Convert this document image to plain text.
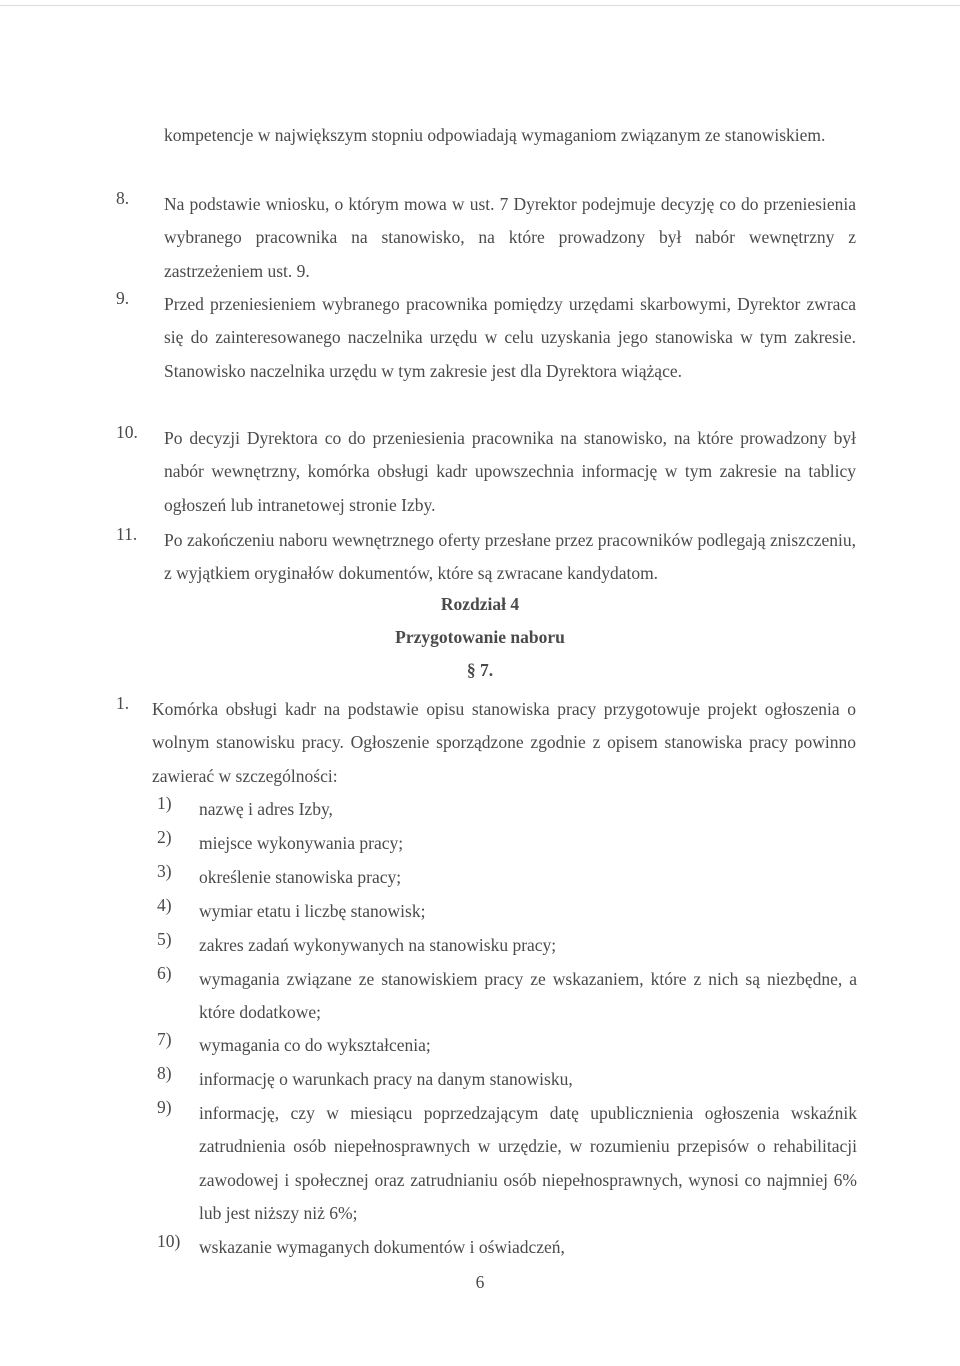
kompetencje w największym stopniu odpowiadają wymaganiom związanym ze stanowiskiem.
8. Na podstawie wniosku, o którym mowa w ust. 7 Dyrektor podejmuje decyzję co do przeniesienia wybranego pracownika na stanowisko, na które prowadzony był nabór wewnętrzny z zastrzeżeniem ust. 9.
9. Przed przeniesieniem wybranego pracownika pomiędzy urzędami skarbowymi, Dyrektor zwraca się do zainteresowanego naczelnika urzędu w celu uzyskania jego stanowiska w tym zakresie. Stanowisko naczelnika urzędu w tym zakresie jest dla Dyrektora wiążące.
10. Po decyzji Dyrektora co do przeniesienia pracownika na stanowisko, na które prowadzony był nabór wewnętrzny, komórka obsługi kadr upowszechnia informację w tym zakresie na tablicy ogłoszeń lub intranetowej stronie Izby.
11. Po zakończeniu naboru wewnętrznego oferty przesłane przez pracowników podlegają zniszczeniu, z wyjątkiem oryginałów dokumentów, które są zwracane kandydatom.
Rozdział 4
Przygotowanie naboru
§ 7.
1. Komórka obsługi kadr na podstawie opisu stanowiska pracy przygotowuje projekt ogłoszenia o wolnym stanowisku pracy. Ogłoszenie sporządzone zgodnie z opisem stanowiska pracy powinno zawierać w szczególności:
1) nazwę i adres Izby,
2) miejsce wykonywania pracy;
3) określenie stanowiska pracy;
4) wymiar etatu i liczbę stanowisk;
5) zakres zadań wykonywanych na stanowisku pracy;
6) wymagania związane ze stanowiskiem pracy ze wskazaniem, które z nich są niezbędne, a które dodatkowe;
7) wymagania co do wykształcenia;
8) informację o warunkach pracy na danym stanowisku,
9) informację, czy w miesiącu poprzedzającym datę upublicznienia ogłoszenia wskaźnik zatrudnienia osób niepełnosprawnych w urzędzie, w rozumieniu przepisów o rehabilitacji zawodowej i społecznej oraz zatrudnianiu osób niepełnosprawnych, wynosi co najmniej 6% lub jest niższy niż 6%;
10) wskazanie wymaganych dokumentów i oświadczeń,
6
